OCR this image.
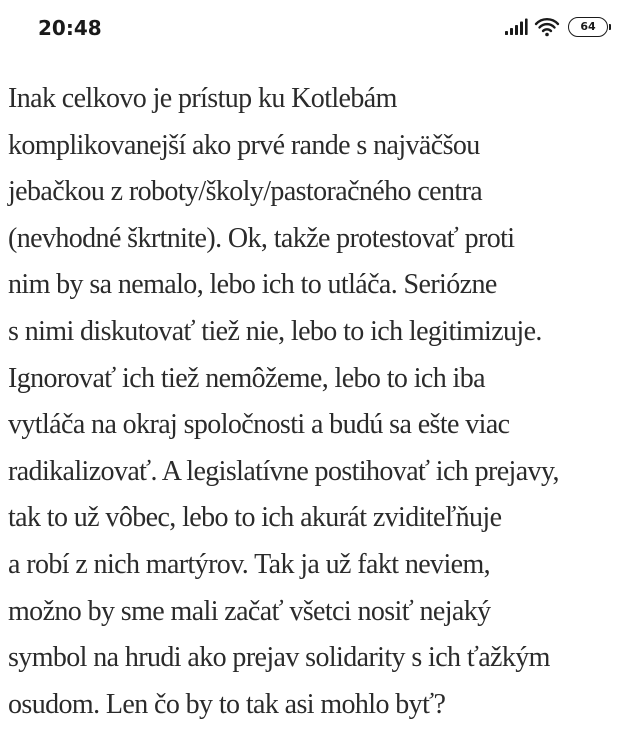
20:48	64

Inak celkovo je prístup ku Kotlebám
komplikovanejší ako prvé rande s najväčšou
jebačkou z roboty/školy/pastoračného centra
(nevhodné škrtnite). Ok, takže protestovať proti
nim by sa nemalo, lebo ich to utláča. Seriózne
s nimi diskutovať tiež nie, lebo to ich legitimizuje.
Ignorovať ich tiež nemôžeme, lebo to ich iba
vytláča na okraj spoločnosti a budú sa ešte viac
radikalizovať. A legislatívne postihovať ich prejavy,
tak to už vôbec, lebo to ich akurát zviditeľňuje
a robí z nich martýrov. Tak ja už fakt neviem,
možno by sme mali začať všetci nosiť nejaký
symbol na hrudi ako prejav solidarity s ich ťažkým
osudom. Len čo by to tak asi mohlo byť?
